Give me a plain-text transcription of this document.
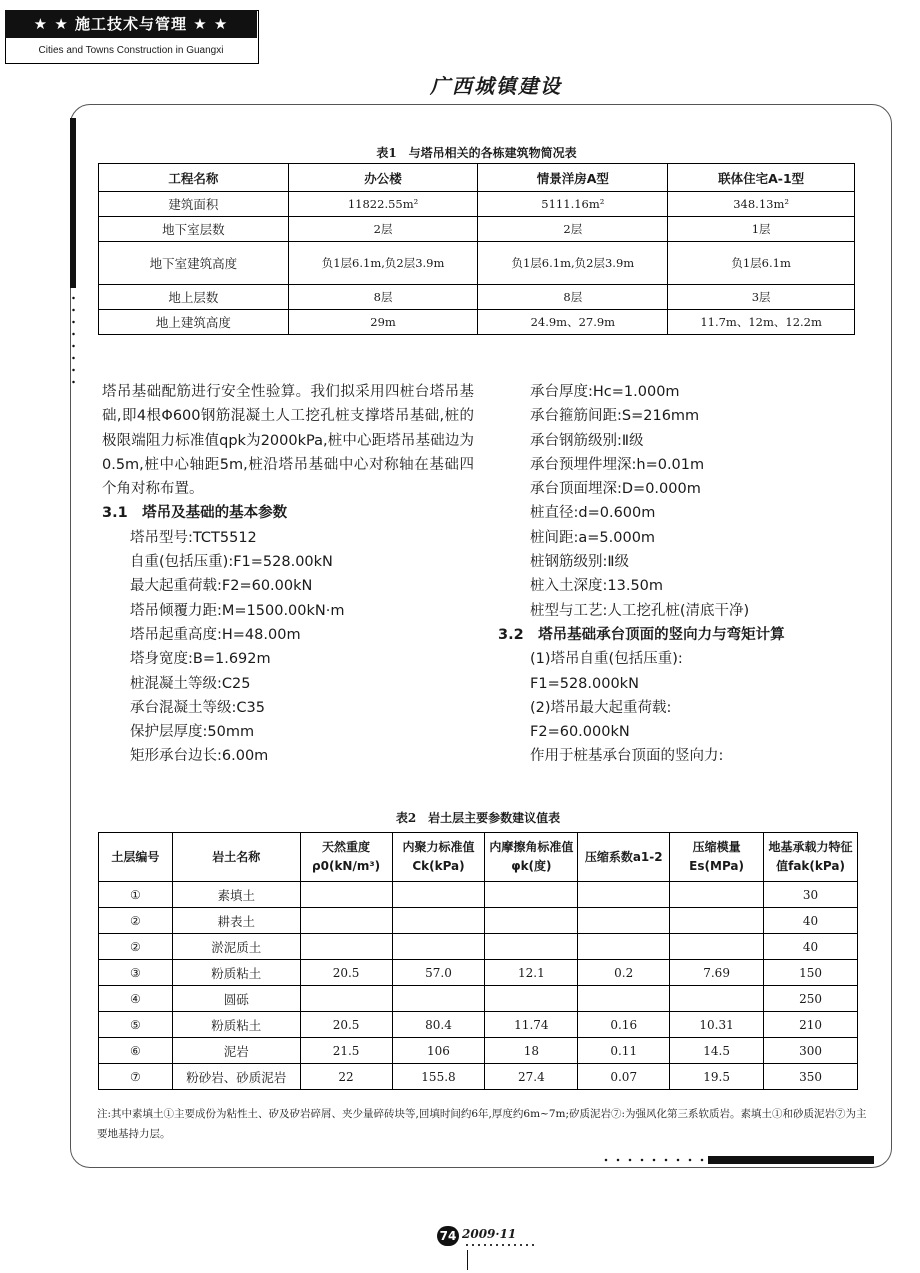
★ ★ 施工技术与管理 ★ ★
Cities and Towns Construction in Guangxi
广西城镇建设
表1　与塔吊相关的各栋建筑物简况表
工程名称	办公楼	情景洋房A型	联体住宅A-1型
建筑面积	11822.55m²	5111.16m²	348.13m²
地下室层数	2层	2层	1层
地下室建筑高度	负1层6.1m,负2层3.9m	负1层6.1m,负2层3.9m	负1层6.1m
地上层数	8层	8层	3层
地上建筑高度	29m	24.9m、27.9m	11.7m、12m、12.2m

塔吊基础配筋进行安全性验算。我们拟采用四桩台塔吊基础,即4根Φ600钢筋混凝土人工挖孔桩支撑塔吊基础,桩的极限端阻力标准值qpk为2000kPa,桩中心距塔吊基础边为0.5m,桩中心轴距5m,桩沿塔吊基础中心对称轴在基础四个角对称布置。

3.1　塔吊及基础的基本参数

塔吊型号:TCT5512
自重(包括压重):F1=528.00kN
最大起重荷载:F2=60.00kN
塔吊倾覆力距:M=1500.00kN·m
塔吊起重高度:H=48.00m
塔身宽度:B=1.692m
桩混凝土等级:C25
承台混凝土等级:C35
保护层厚度:50mm
矩形承台边长:6.00m
承台厚度:Hc=1.000m
承台箍筋间距:S=216mm
承台钢筋级别:Ⅱ级
承台预埋件埋深:h=0.01m
承台顶面埋深:D=0.000m
桩直径:d=0.600m
桩间距:a=5.000m
桩钢筋级别:Ⅱ级
桩入土深度:13.50m
桩型与工艺:人工挖孔桩(清底干净)

3.2　塔吊基础承台顶面的竖向力与弯矩计算

(1)塔吊自重(包括压重):
F1=528.000kN
(2)塔吊最大起重荷载:
F2=60.000kN
作用于桩基承台顶面的竖向力:
表2　岩土层主要参数建议值表
土层编号	岩土名称	天然重度ρ0(kN/m³)	内聚力标准值Ck(kPa)	内摩擦角标准值φk(度)	压缩系数a1-2	压缩模量Es(MPa)	地基承载力特征值fak(kPa)
①	素填土						30
②	耕表土						40
②	淤泥质土						40
③	粉质粘土	20.5	57.0	12.1	0.2	7.69	150
④	圆砾						250
⑤	粉质粘土	20.5	80.4	11.74	0.16	10.31	210
⑥	泥岩	21.5	106	18	0.11	14.5	300
⑦	粉砂岩、砂质泥岩	22	155.8	27.4	0.07	19.5	350
注:其中素填土①主要成份为粘性土、矽及矽岩碎屑、夹少量碎砖块等,回填时间约6年,厚度约6m~7m;矽质泥岩⑦:为强风化第三系软质岩。素填土①和砂质泥岩⑦为主要地基持力层。
74 2009·11
